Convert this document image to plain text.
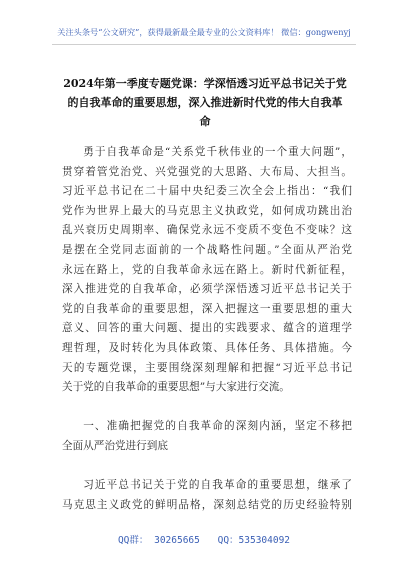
关注头条号“公文研究”，获得最新最全最专业的公文资料库！ 微信：gongwenyj
2024年第一季度专题党课：学深悟透习近平总书记关于党
的自我革命的重要思想，深入推进新时代党的伟大自我革
命
勇于自我革命是“关系党千秋伟业的一个重大问题”，
贯穿着管党治党、兴党强党的大思路、大布局、大担当。
习近平总书记在二十届中央纪委三次全会上指出：“我们
党作为世界上最大的马克思主义执政党，如何成功跳出治
乱兴衰历史周期率、确保党永远不变质不变色不变味？这
是摆在全党同志面前的一个战略性问题。”全面从严治党
永远在路上，党的自我革命永远在路上。新时代新征程，
深入推进党的自我革命，必须学深悟透习近平总书记关于
党的自我革命的重要思想，深入把握这一重要思想的重大
意义、回答的重大问题、提出的实践要求、蕴含的道理学
理哲理，及时转化为具体政策、具体任务、具体措施。今
天的专题党课，主要围绕深刻理解和把握“习近平总书记
关于党的自我革命的重要思想”与大家进行交流。
一、准确把握党的自我革命的深刻内涵，坚定不移把
全面从严治党进行到底
习近平总书记关于党的自我革命的重要思想，继承了
马克思主义政党的鲜明品格，深刻总结党的历史经验特别
QQ群： 30265665 QQ：535304092
